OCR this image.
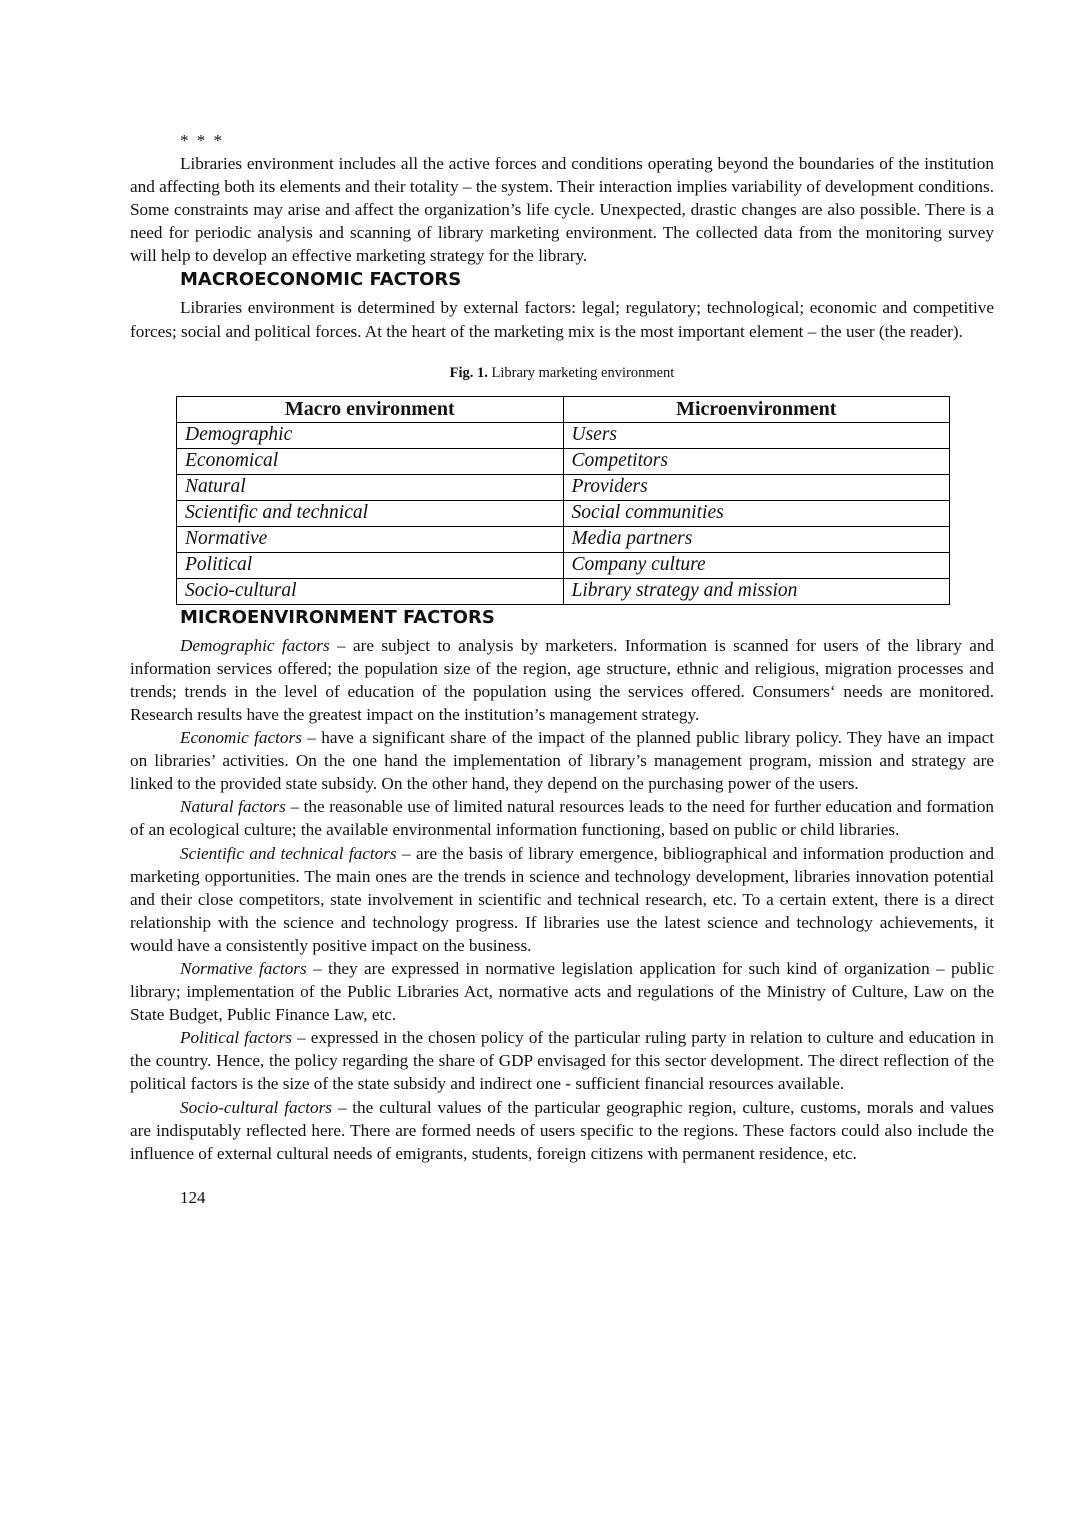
* * *

Libraries environment includes all the active forces and conditions operating beyond the boundaries of the institution and affecting both its elements and their totality – the system. Their interaction implies variability of development conditions. Some constraints may arise and affect the organization’s life cycle. Unexpected, drastic changes are also possible. There is a need for periodic analysis and scanning of library marketing environment. The collected data from the monitoring survey will help to develop an effective marketing strategy for the library.

MACROECONOMIC FACTORS

Libraries environment is determined by external factors: legal; regulatory; technological; economic and competitive forces; social and political forces. At the heart of the marketing mix is the most important element – the user (the reader).

Fig. 1. Library marketing environment
Macro environment	Microenvironment
Demographic	Users
Economical	Competitors
Natural	Providers
Scientific and technical	Social communities
Normative	Media partners
Political	Company culture
Socio-cultural	Library strategy and mission
MICROENVIRONMENT FACTORS

Demographic factors – are subject to analysis by marketers. Information is scanned for users of the library and information services offered; the population size of the region, age structure, ethnic and religious, migration processes and trends; trends in the level of education of the population using the services offered. Consumers‘ needs are monitored. Research results have the greatest impact on the institution’s management strategy.

Economic factors – have a significant share of the impact of the planned public library policy. They have an impact on libraries’ activities. On the one hand the implementation of library’s management program, mission and strategy are linked to the provided state subsidy. On the other hand, they depend on the purchasing power of the users.

Natural factors – the reasonable use of limited natural resources leads to the need for further education and formation of an ecological culture; the available environmental information functioning, based on public or child libraries.

Scientific and technical factors – are the basis of library emergence, bibliographical and information production and marketing opportunities. The main ones are the trends in science and technology development, libraries innovation potential and their close competitors, state involvement in scientific and technical research, etc. To a certain extent, there is a direct relationship with the science and technology progress. If libraries use the latest science and technology achievements, it would have a consistently positive impact on the business.

Normative factors – they are expressed in normative legislation application for such kind of organization – public library; implementation of the Public Libraries Act, normative acts and regulations of the Ministry of Culture, Law on the State Budget, Public Finance Law, etc.

Political factors – expressed in the chosen policy of the particular ruling party in relation to culture and education in the country. Hence, the policy regarding the share of GDP envisaged for this sector development. The direct reflection of the political factors is the size of the state subsidy and indirect one - sufficient financial resources available.

Socio-cultural factors – the cultural values of the particular geographic region, culture, customs, morals and values are indisputably reflected here. There are formed needs of users specific to the regions. These factors could also include the influence of external cultural needs of emigrants, students, foreign citizens with permanent residence, etc.

124
